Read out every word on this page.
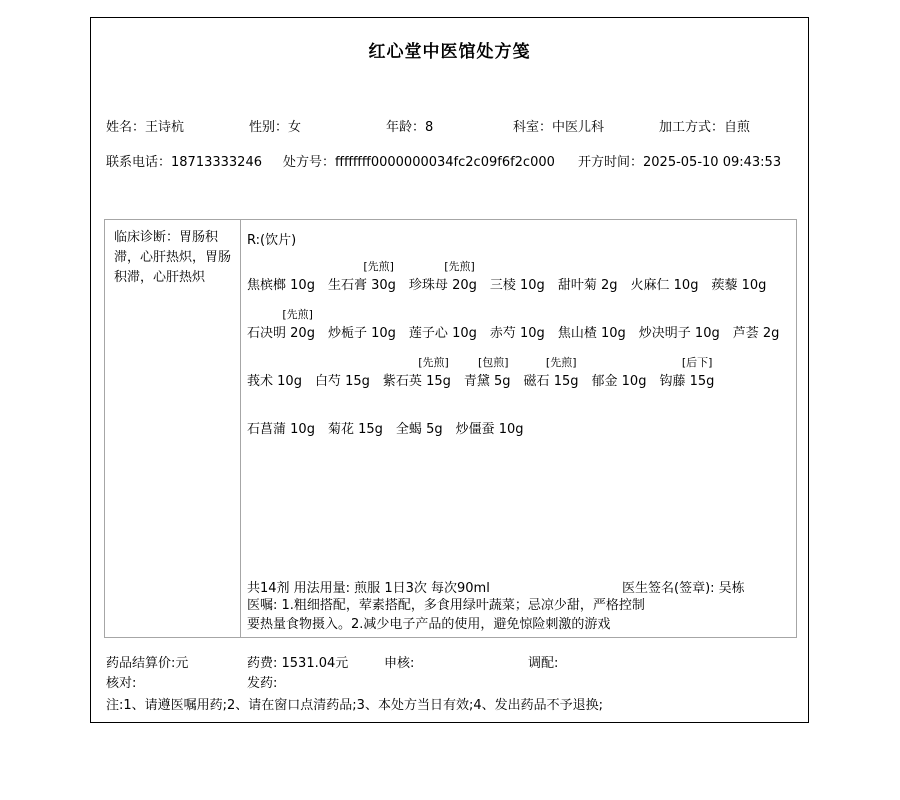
红心堂中医馆处方笺
姓名：王诗杭	性别：女	年龄：8	科室：中医儿科	加工方式：自煎
联系电话：18713333246 处方号：ffffffff0000000034fc2c09f6f2c000 开方时间：2025-05-10 09:43:53
临床诊断：胃肠积滞，心肝热炽，胃肠积滞，心肝热炽
R:(饮片)
焦槟榔 10g
[先煎]
生石膏 30g
[先煎]
珍珠母 20g 三棱 10g 甜叶菊 2g 火麻仁 10g 蒺藜 10g
[先煎]
石决明 20g 炒栀子 10g 莲子心 10g 赤芍 10g 焦山楂 10g 炒决明子 10g 芦荟 2g
莪术 10g 白芍 15g
[先煎]
紫石英 15g
[包煎]
青黛 5g
[先煎]
磁石 15g 郁金 10g
[后下]
钩藤 15g
石菖蒲 10g 菊花 15g 全蝎 5g 炒僵蚕 10g
共14剂 用法用量: 煎服 1日3次 每次90ml	医生签名(签章): 吴栋
医嘱: 1.粗细搭配，荤素搭配，多食用绿叶蔬菜；忌凉少甜，严格控制要热量食物摄入。2.减少电子产品的使用，避免惊险刺激的游戏
药品结算价:元	药费: 1531.04元	申核:	调配:
核对:	发药:
注:1、请遵医嘱用药;2、请在窗口点清药品;3、本处方当日有效;4、发出药品不予退换;
